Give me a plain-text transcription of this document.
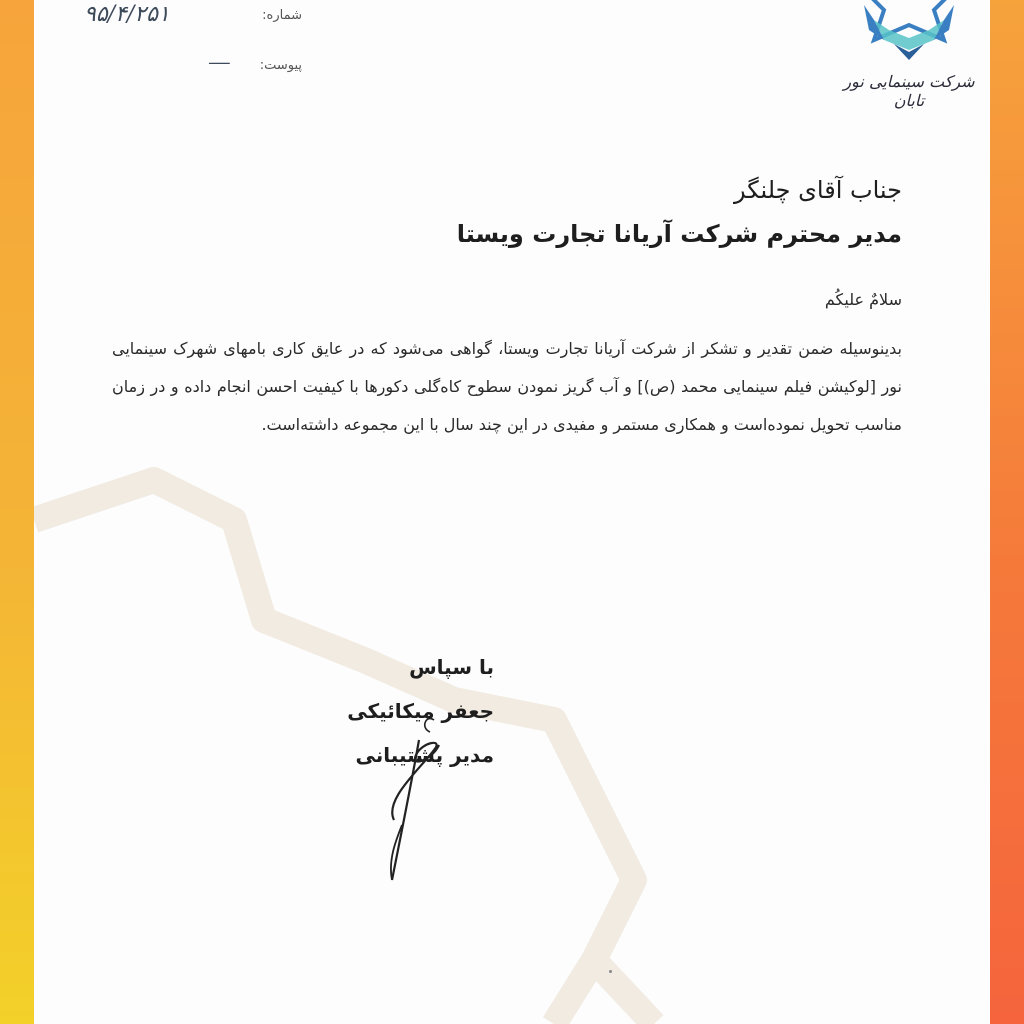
شماره:
۹۵/۴/۲۵۱
پیوست:
ـــــ
شرکت سینمایی نور تابان
جناب آقای چلنگر
مدیر محترم شرکت آریانا تجارت ویستا
سلامٌ علیکُم
بدینوسیله ضمن تقدیر و تشکر از شرکت آریانا تجارت ویستا، گواهی می‌شود که در عایق کاری بامهای شهرک سینمایی نور [لوکیشن فیلم سینمایی محمد (ص)] و آب گریز نمودن سطوح کاه‌گلی دکورها با کیفیت احسن انجام داده و در زمان مناسب تحویل نموده‌است و همکاری مستمر و مفیدی در این چند سال با این مجموعه داشته‌است.
با سپاس
جعفر میکائیکی
مدیر پشتیبانی
